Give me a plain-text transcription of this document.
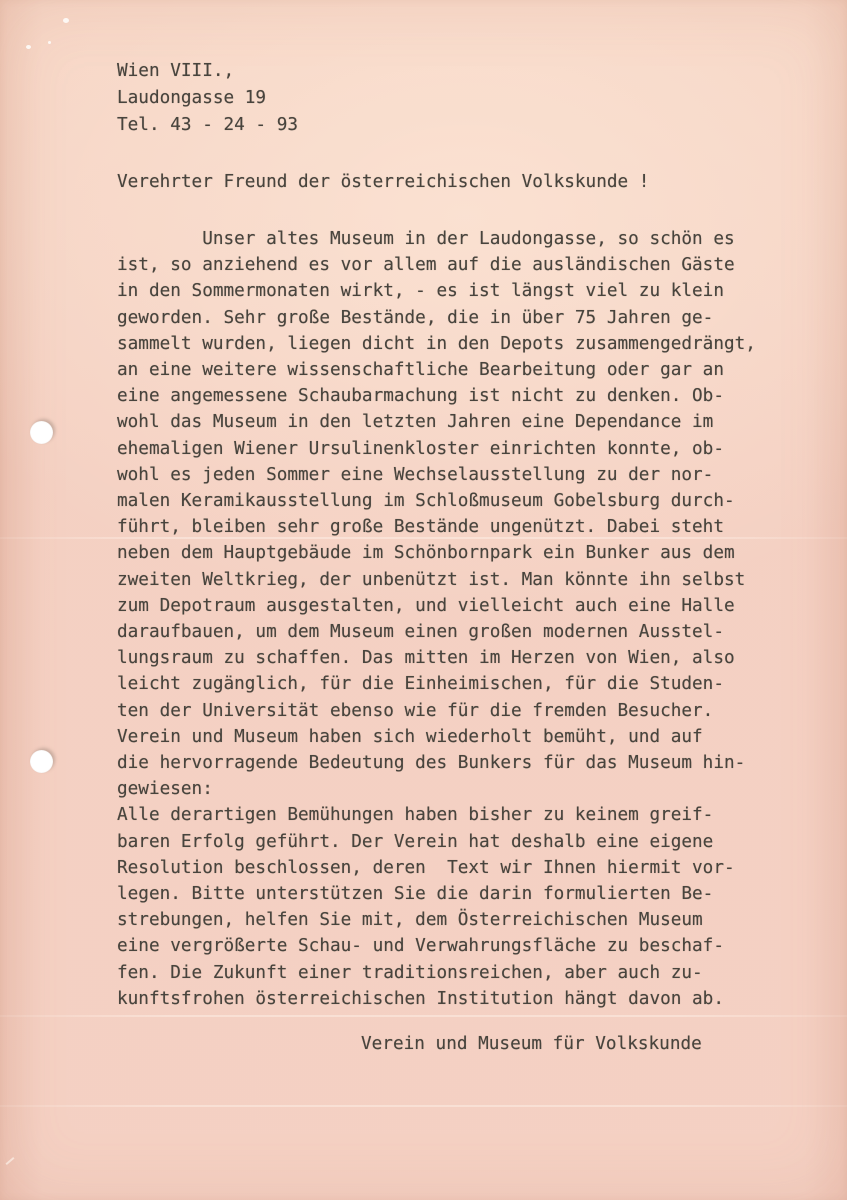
Wien VIII.,
Laudongasse 19
Tel. 43 - 24 - 93
Verehrter Freund der österreichischen Volkskunde !
Unser altes Museum in der Laudongasse, so schön es
ist, so anziehend es vor allem auf die ausländischen Gäste
in den Sommermonaten wirkt, - es ist längst viel zu klein
geworden. Sehr große Bestände, die in über 75 Jahren ge-
sammelt wurden, liegen dicht in den Depots zusammengedrängt,
an eine weitere wissenschaftliche Bearbeitung oder gar an
eine angemessene Schaubarmachung ist nicht zu denken. Ob-
wohl das Museum in den letzten Jahren eine Dependance im
ehemaligen Wiener Ursulinenkloster einrichten konnte, ob-
wohl es jeden Sommer eine Wechselausstellung zu der nor-
malen Keramikausstellung im Schloßmuseum Gobelsburg durch-
führt, bleiben sehr große Bestände ungenützt. Dabei steht
neben dem Hauptgebäude im Schönbornpark ein Bunker aus dem
zweiten Weltkrieg, der unbenützt ist. Man könnte ihn selbst
zum Depotraum ausgestalten, und vielleicht auch eine Halle
daraufbauen, um dem Museum einen großen modernen Ausstel-
lungsraum zu schaffen. Das mitten im Herzen von Wien, also
leicht zugänglich, für die Einheimischen, für die Studen-
ten der Universität ebenso wie für die fremden Besucher.
Verein und Museum haben sich wiederholt bemüht, und auf
die hervorragende Bedeutung des Bunkers für das Museum hin-
gewiesen:
Alle derartigen Bemühungen haben bisher zu keinem greif-
baren Erfolg geführt. Der Verein hat deshalb eine eigene
Resolution beschlossen, deren  Text wir Ihnen hiermit vor-
legen. Bitte unterstützen Sie die darin formulierten Be-
strebungen, helfen Sie mit, dem Österreichischen Museum
eine vergrößerte Schau- und Verwahrungsfläche zu beschaf-
fen. Die Zukunft einer traditionsreichen, aber auch zu-
kunftsfrohen österreichischen Institution hängt davon ab.
Verein und Museum für Volkskunde
